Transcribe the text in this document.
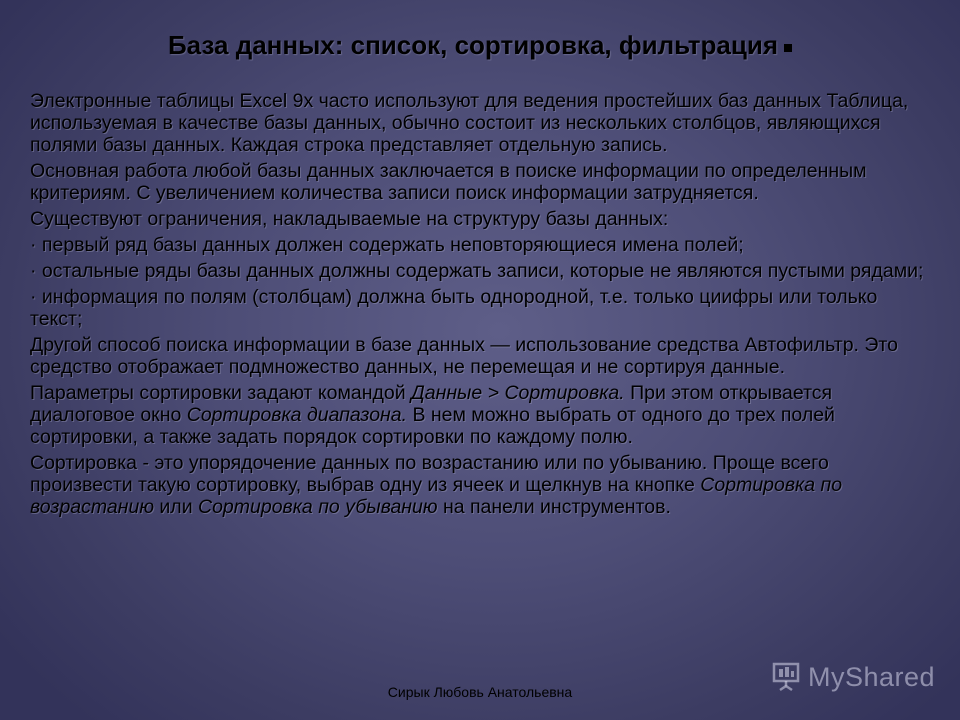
База данных: список, сортировка, фильтрация

Электронные таблицы Excel 9x часто используют для ведения простейших баз данных Таблица, используемая в качестве базы данных, обычно состоит из нескольких столбцов, являющихся полями базы данных. Каждая строка представляет отдельную запись.

Основная работа любой базы данных заключается в поиске информации по определенным критериям. С увеличением количества записи поиск информации затрудняется.

Существуют ограничения, накладываемые на структуру базы данных:

· первый ряд базы данных должен содержать неповторяющиеся имена полей;

· остальные ряды базы данных должны содержать записи, которые не являются пустыми рядами;

· информация по полям (столбцам) должна быть однородной, т.е. только циифры или только текст;

Другой способ поиска информации в базе данных — использование средства Автофильтр. Это средство отображает подмножество данных, не перемещая и не сортируя данные.

Параметры сортировки задают командой Данные > Сортировка. При этом открывается диалоговое окно Сортировка диапазона. В нем можно выбрать от одного до трех полей сортировки, а также задать порядок сортировки по каждому полю.

Сортировка - это упорядочение данных по возрастанию или по убыванию. Проще всего произвести такую сортировку, выбрав одну из ячеек и щелкнув на кнопке Сортировка по возрастанию или Сортировка по убыванию на панели инструментов.

Сирык Любовь Анатольевна
MyShared
